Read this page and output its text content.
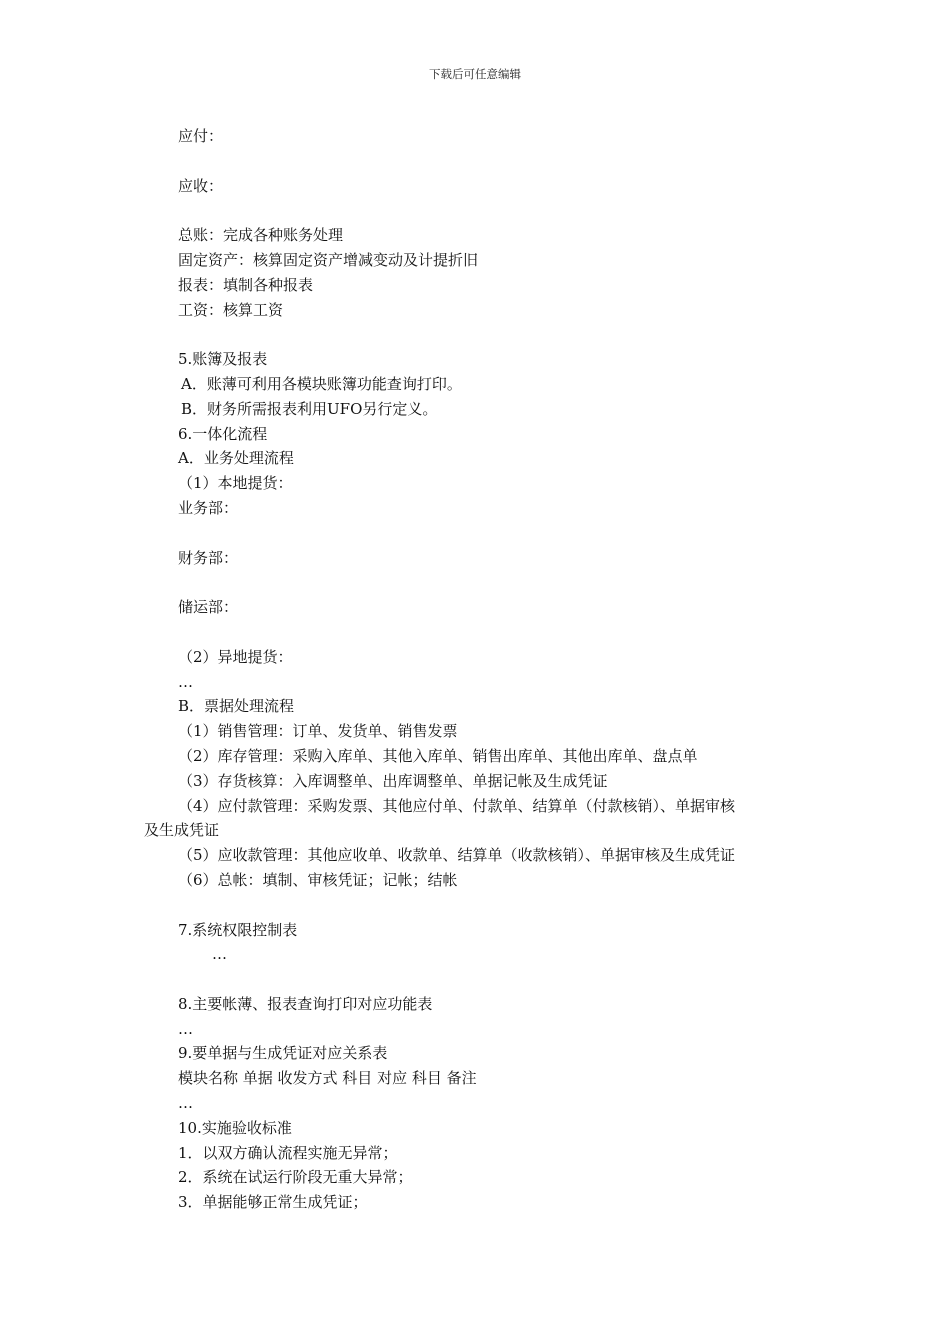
下载后可任意编辑
应付：
应收：
总账：完成各种账务处理
固定资产：核算固定资产增减变动及计提折旧
报表：填制各种报表
工资：核算工资
5.账簿及报表
A．账薄可利用各模块账簿功能查询打印。
B．财务所需报表利用UFO另行定义。
6.一体化流程
A．业务处理流程
（1）本地提货：
业务部：
财务部：
储运部：
（2）异地提货：
…
B．票据处理流程
（1）销售管理：订单、发货单、销售发票
（2）库存管理：采购入库单、其他入库单、销售出库单、其他出库单、盘点单
（3）存货核算：入库调整单、出库调整单、单据记帐及生成凭证
（4）应付款管理：采购发票、其他应付单、付款单、结算单（付款核销）、单据审核
及生成凭证
（5）应收款管理：其他应收单、收款单、结算单（收款核销）、单据审核及生成凭证
（6）总帐：填制、审核凭证；记帐；结帐
7.系统权限控制表
…
8.主要帐薄、报表查询打印对应功能表
…
9.要单据与生成凭证对应关系表
模块名称 单据 收发方式 科目 对应 科目 备注
…
10.实施验收标准
1．以双方确认流程实施无异常；
2．系统在试运行阶段无重大异常；
3．单据能够正常生成凭证；
